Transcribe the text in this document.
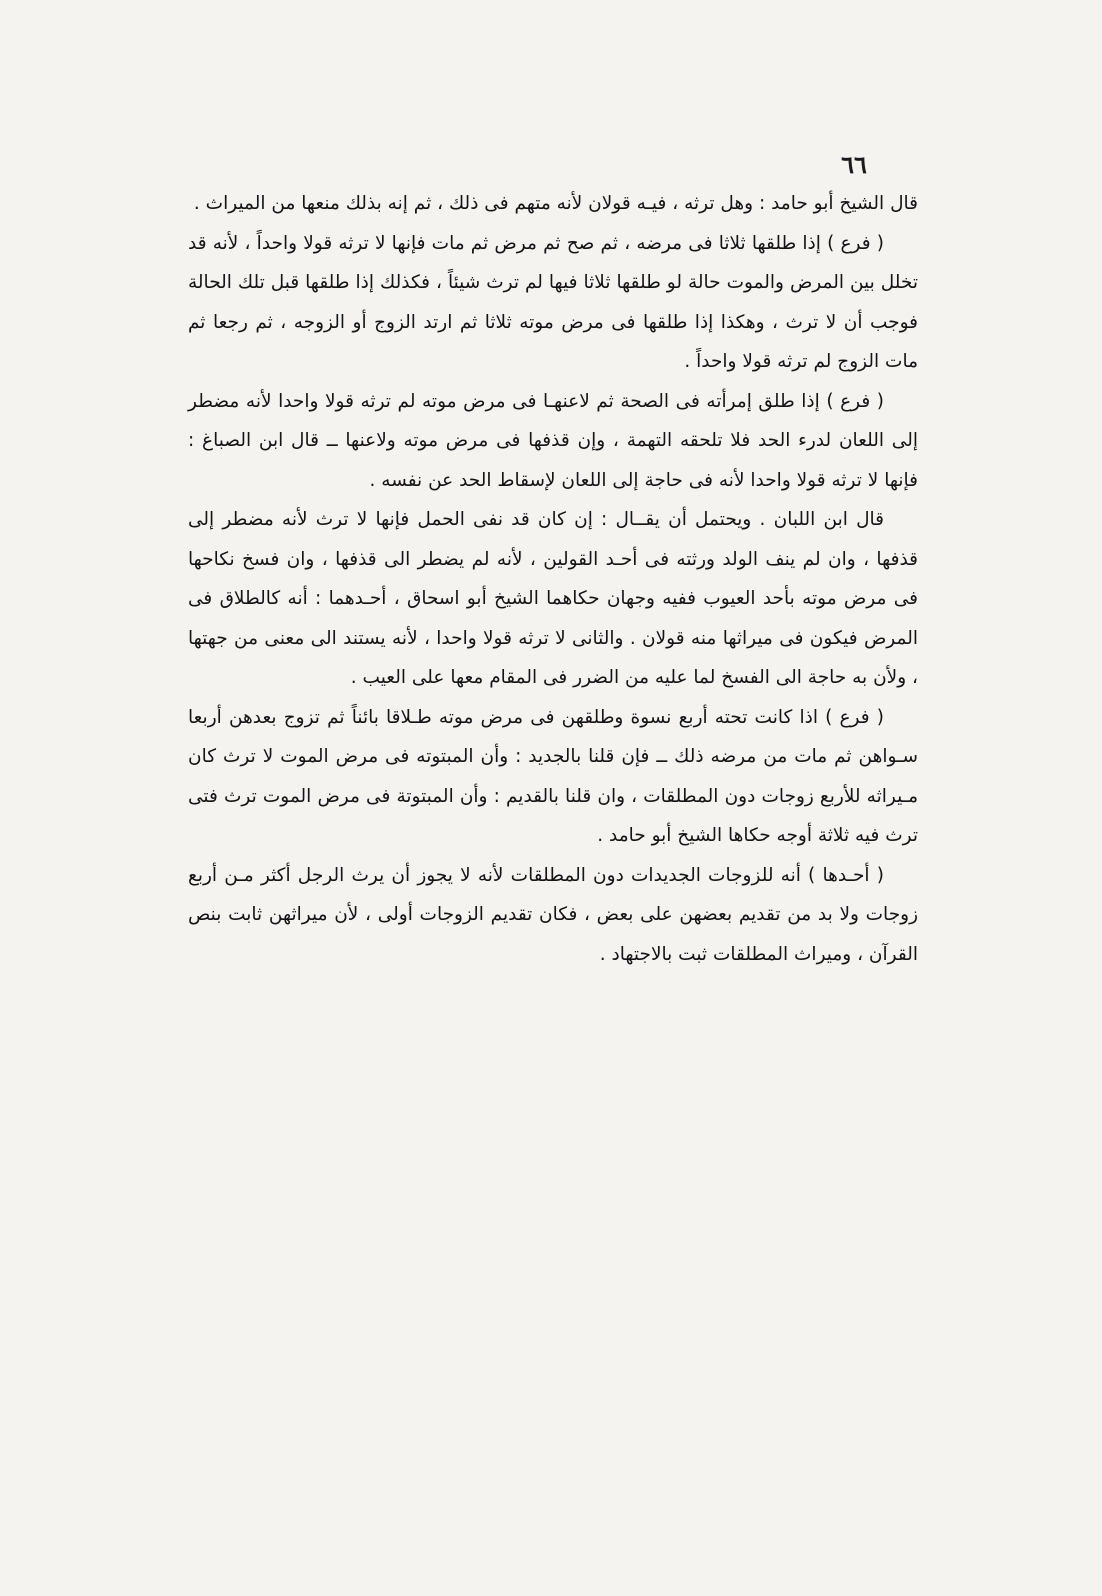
٦٦

قال الشيخ أبو حامد : وهل ترثه ، فيـه قولان لأنه متهم فى ذلك ، ثم إنه بذلك منعها من الميراث .

( فرع ) إذا طلقها ثلاثا فى مرضه ، ثم صح ثم مرض ثم مات فإنها لا ترثه قولا واحداً ، لأنه قد تخلل بين المرض والموت حالة لو طلقها ثلاثا فيها لم ترث شيئاً ، فكذلك إذا طلقها قبل تلك الحالة فوجب أن لا ترث ، وهكذا إذا طلقها فى مرض موته ثلاثا ثم ارتد الزوج أو الزوجه ، ثم رجعا ثم مات الزوج لم ترثه قولا واحداً .

( فرع ) إذا طلق إمرأته فى الصحة ثم لاعنهـا فى مرض موته لم ترثه قولا واحدا لأنه مضطر إلى اللعان لدرء الحد فلا تلحقه التهمة ، وإن قذفها فى مرض موته ولاعنها ــ قال ابن الصباغ : فإنها لا ترثه قولا واحدا لأنه فى حاجة إلى اللعان لإسقاط الحد عن نفسه .

قال ابن اللبان . ويحتمل أن يقــال : إن كان قد نفى الحمل فإنها لا ترث لأنه مضطر إلى قذفها ، وان لم ينف الولد ورثته فى أحـد القولين ، لأنه لم يضطر الى قذفها ، وان فسخ نكاحها فى مرض موته بأحد العيوب ففيه وجهان حكاهما الشيخ أبو اسحاق ، أحـدهما : أنه كالطلاق فى المرض فيكون فى ميراثها منه قولان . والثانى لا ترثه قولا واحدا ، لأنه يستند الى معنى من جهتها ، ولأن به حاجة الى الفسخ لما عليه من الضرر فى المقام معها على العيب .

( فرع ) اذا كانت تحته أربع نسوة وطلقهن فى مرض موته طـلاقا بائناً ثم تزوج بعدهن أربعا سـواهن ثم مات من مرضه ذلك ــ فإن قلنا بالجديد : وأن المبتوته فى مرض الموت لا ترث كان مـيراثه للأربع زوجات دون المطلقات ، وان قلنا بالقديم : وأن المبتوتة فى مرض الموت ترث فتى ترث فيه ثلاثة أوجه حكاها الشيخ أبو حامد .

( أحـدها ) أنه للزوجات الجديدات دون المطلقات لأنه لا يجوز أن يرث الرجل أكثر مـن أربع زوجات ولا بد من تقديم بعضهن على بعض ، فكان تقديم الزوجات أولى ، لأن ميراثهن ثابت بنص القرآن ، وميراث المطلقات ثبت بالاجتهاد .
